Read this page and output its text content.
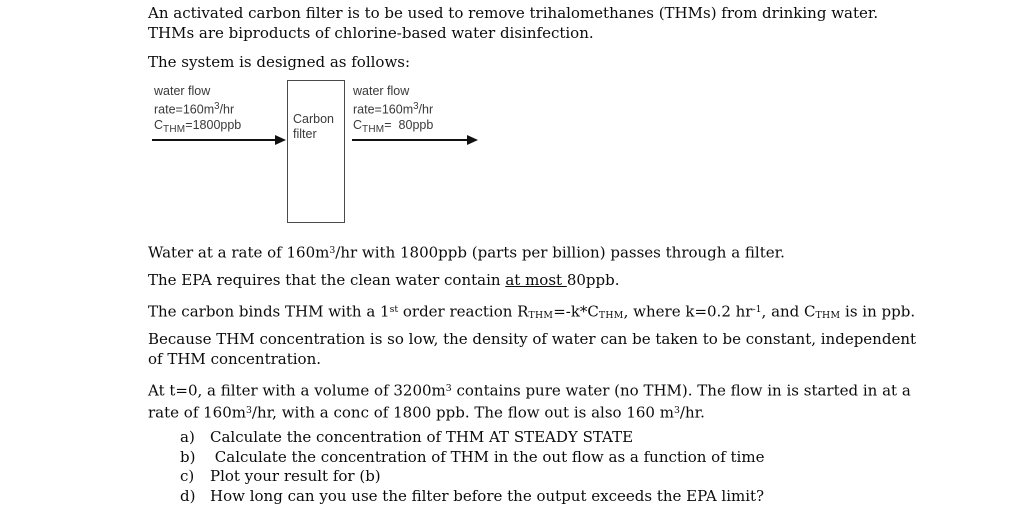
An activated carbon filter is to be used to remove trihalomethanes (THMs) from drinking water.
THMs are biproducts of chlorine-based water disinfection.
The system is designed as follows:
water flow
$rate=160m^3/hr$
$C_{THM}=1800ppb$	Carbon
filter
water flow
$rate=160m^3/hr$
$C_{THM}= 80ppb$
Water at a rate of $160m^3/hr$ with 1800ppb (parts per billion) passes through a filter.
The EPA requires that the clean water contain at most 80ppb.
The carbon binds THM with a 1st order reaction RTHM=-k*CTHM, where k=0.2 $hr^{-1}$, and CTHM is in ppb.
Because THM concentration is so low, the density of water can be taken to be constant, independent
of THM concentration.
At t=0, a filter with a volume of $3200m^3$ contains pure water (no THM). The flow in is started in at a
rate of $160m^3/hr$, with a conc of 1800 ppb. The flow out is also 160 $m^3/hr$.
a)	Calculate the concentration of THM AT STEADY STATE
b) Calculate the concentration of THM in the out flow as a function of time
c)	Plot your result for (b)
d) How long can you use the filter before the output exceeds the EPA limit?
